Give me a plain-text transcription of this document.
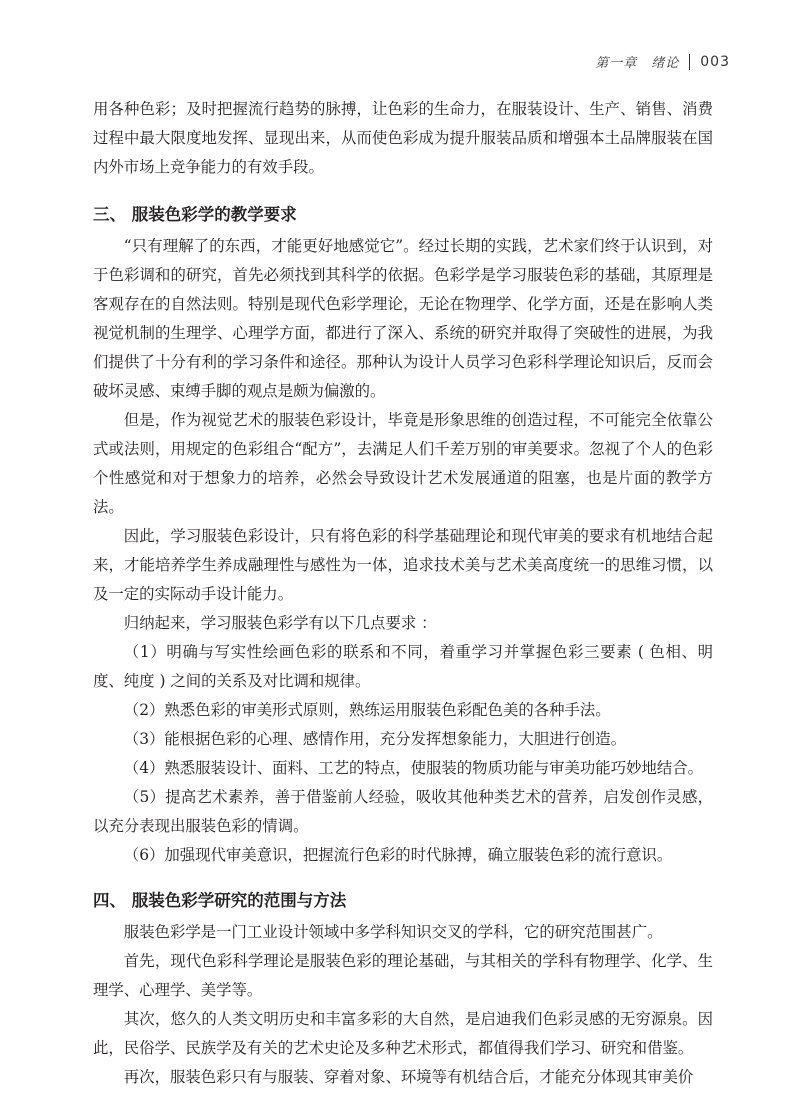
第一章　绪论 003

用各种色彩；及时把握流行趋势的脉搏，让色彩的生命力，在服装设计、生产、销售、消费过程中最大限度地发挥、显现出来，从而使色彩成为提升服装品质和增强本土品牌服装在国内外市场上竞争能力的有效手段。

三、 服装色彩学的教学要求

“只有理解了的东西，才能更好地感觉它”。经过长期的实践，艺术家们终于认识到，对于色彩调和的研究，首先必须找到其科学的依据。色彩学是学习服装色彩的基础，其原理是客观存在的自然法则。特别是现代色彩学理论，无论在物理学、化学方面，还是在影响人类视觉机制的生理学、心理学方面，都进行了深入、系统的研究并取得了突破性的进展，为我们提供了十分有利的学习条件和途径。那种认为设计人员学习色彩科学理论知识后，反而会破坏灵感、束缚手脚的观点是颇为偏激的。

但是，作为视觉艺术的服装色彩设计，毕竟是形象思维的创造过程，不可能完全依靠公式或法则，用规定的色彩组合“配方”，去满足人们千差万别的审美要求。忽视了个人的色彩个性感觉和对于想象力的培养，必然会导致设计艺术发展通道的阻塞，也是片面的教学方法。

因此，学习服装色彩设计，只有将色彩的科学基础理论和现代审美的要求有机地结合起来，才能培养学生养成融理性与感性为一体，追求技术美与艺术美高度统一的思维习惯，以及一定的实际动手设计能力。

归纳起来，学习服装色彩学有以下几点要求 ：

（1）明确与写实性绘画色彩的联系和不同，着重学习并掌握色彩三要素 ( 色相、明度、纯度 ) 之间的关系及对比调和规律。

（2）熟悉色彩的审美形式原则，熟练运用服装色彩配色美的各种手法。

（3）能根据色彩的心理、感情作用，充分发挥想象能力，大胆进行创造。

（4）熟悉服装设计、面料、工艺的特点，使服装的物质功能与审美功能巧妙地结合。

（5）提高艺术素养，善于借鉴前人经验，吸收其他种类艺术的营养，启发创作灵感，以充分表现出服装色彩的情调。

（6）加强现代审美意识，把握流行色彩的时代脉搏，确立服装色彩的流行意识。

四、 服装色彩学研究的范围与方法

服装色彩学是一门工业设计领域中多学科知识交叉的学科，它的研究范围甚广。

首先，现代色彩科学理论是服装色彩的理论基础，与其相关的学科有物理学、化学、生理学、心理学、美学等。

其次，悠久的人类文明历史和丰富多彩的大自然，是启迪我们色彩灵感的无穷源泉。因此，民俗学、民族学及有关的艺术史论及多种艺术形式，都值得我们学习、研究和借鉴。

再次，服装色彩只有与服装、穿着对象、环境等有机结合后，才能充分体现其审美价
